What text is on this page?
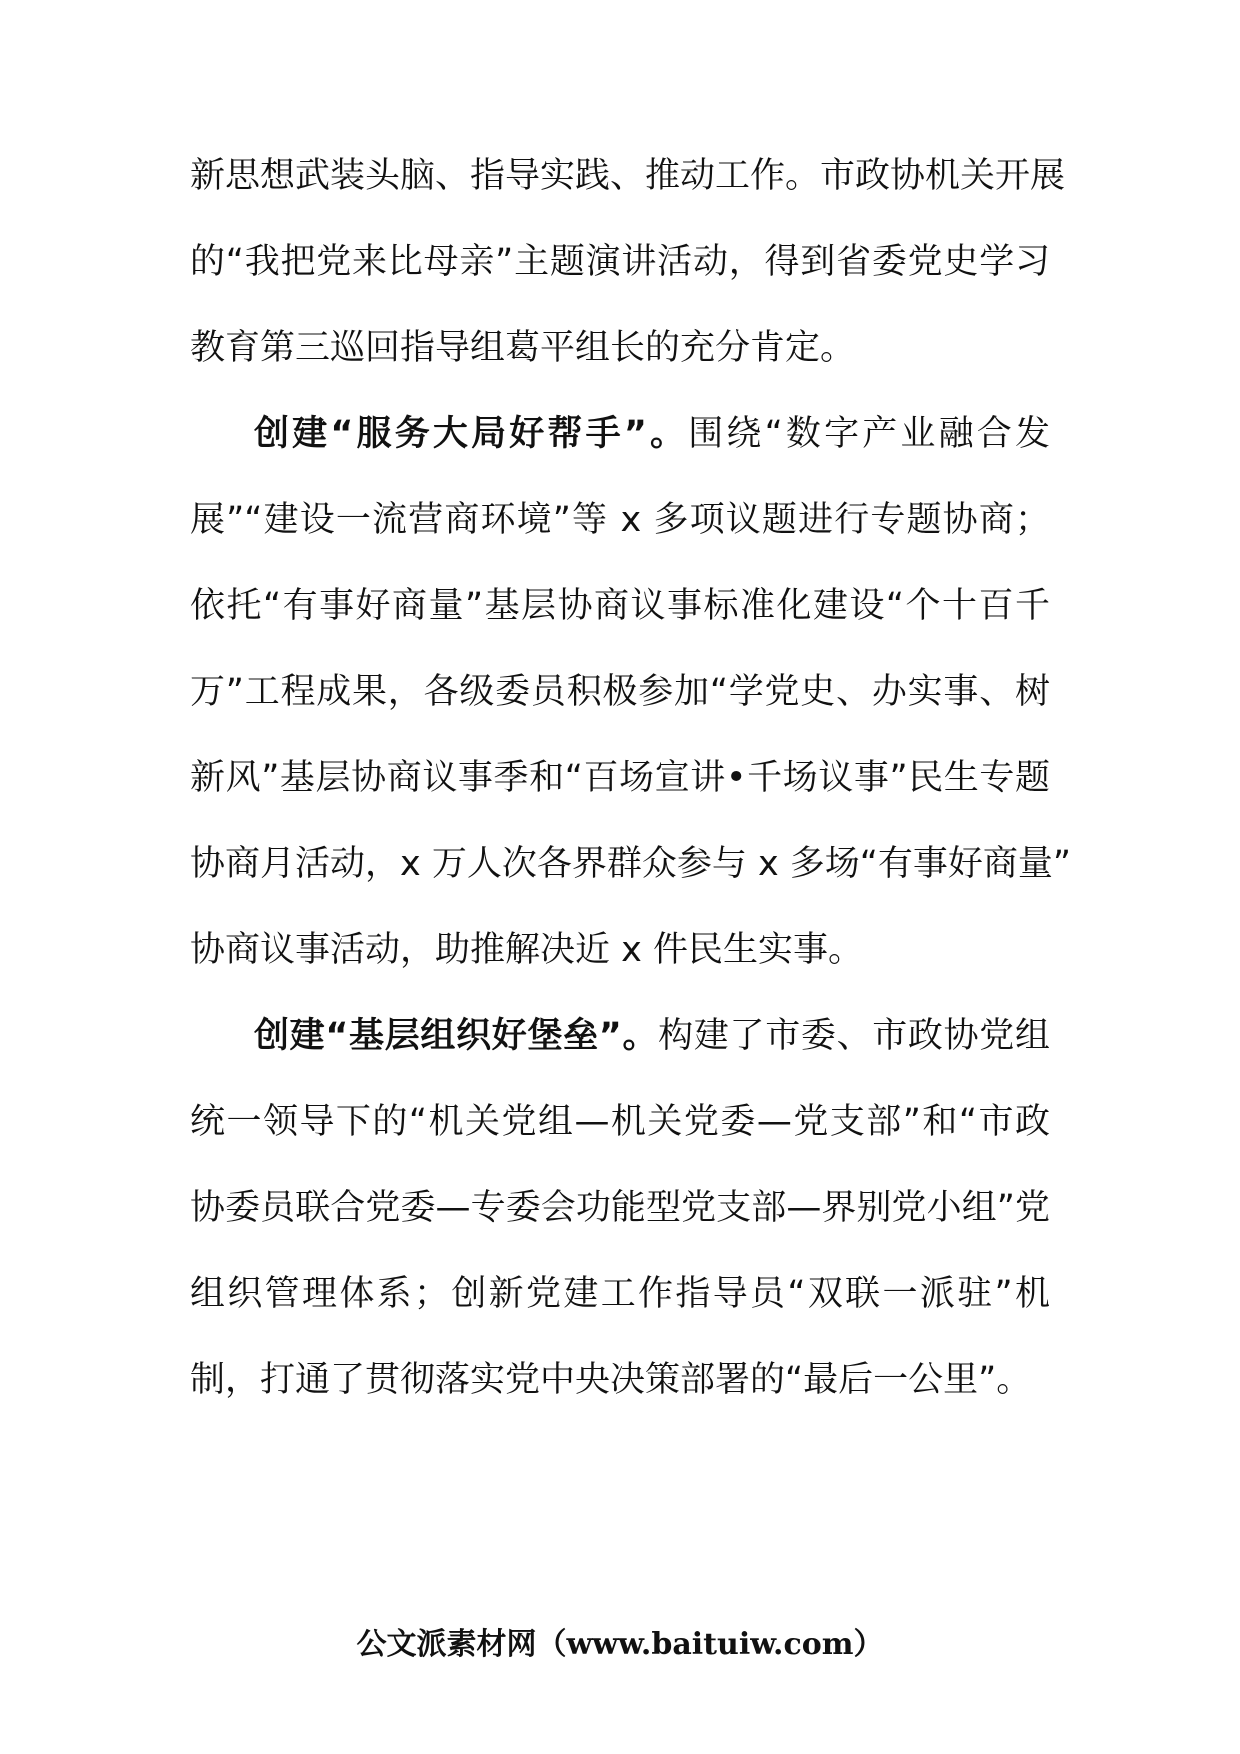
新思想武装头脑、指导实践、推动工作。市政协机关开展
的“我把党来比母亲”主题演讲活动，得到省委党史学习
教育第三巡回指导组葛平组长的充分肯定。
创建“服务大局好帮手”。围绕“数字产业融合发
展”“建设一流营商环境”等 x 多项议题进行专题协商；
依托“有事好商量”基层协商议事标准化建设“个十百千
万”工程成果，各级委员积极参加“学党史、办实事、树
新风”基层协商议事季和“百场宣讲•千场议事”民生专题
协商月活动，x 万人次各界群众参与 x 多场“有事好商量”
协商议事活动，助推解决近 x 件民生实事。
创建“基层组织好堡垒”。构建了市委、市政协党组
统一领导下的“机关党组—机关党委—党支部”和“市政
协委员联合党委—专委会功能型党支部—界别党小组”党
组织管理体系；创新党建工作指导员“双联一派驻”机
制，打通了贯彻落实党中央决策部署的“最后一公里”。
公文派素材网（www.baituiw.com）
